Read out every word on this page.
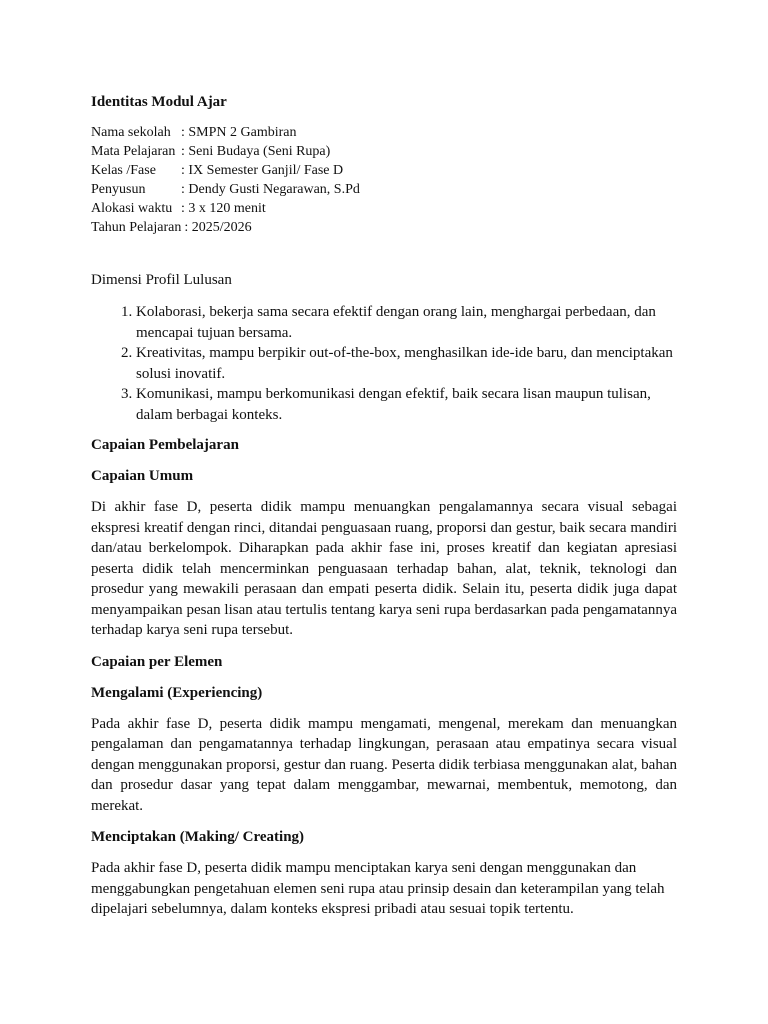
Identitas Modul Ajar
Nama sekolah : SMPN 2 Gambiran
Mata Pelajaran : Seni Budaya (Seni Rupa)
Kelas /Fase	: IX Semester Ganjil/ Fase D
Penyusun	: Dendy Gusti Negarawan, S.Pd
Alokasi waktu : 3 x 120 menit
Tahun Pelajaran : 2025/2026
Dimensi Profil Lulusan
1. Kolaborasi, bekerja sama secara efektif dengan orang lain, menghargai perbedaan, dan mencapai tujuan bersama.
2. Kreativitas, mampu berpikir out-of-the-box, menghasilkan ide-ide baru, dan menciptakan solusi inovatif.
3. Komunikasi, mampu berkomunikasi dengan efektif, baik secara lisan maupun tulisan, dalam berbagai konteks.
Capaian Pembelajaran
Capaian Umum
Di akhir fase D, peserta didik mampu menuangkan pengalamannya secara visual sebagai ekspresi kreatif dengan rinci, ditandai penguasaan ruang, proporsi dan gestur, baik secara mandiri dan/atau berkelompok. Diharapkan pada akhir fase ini, proses kreatif dan kegiatan apresiasi peserta didik telah mencerminkan penguasaan terhadap bahan, alat, teknik, teknologi dan prosedur yang mewakili perasaan dan empati peserta didik. Selain itu, peserta didik juga dapat menyampaikan pesan lisan atau tertulis tentang karya seni rupa berdasarkan pada pengamatannya terhadap karya seni rupa tersebut.
Capaian per Elemen
Mengalami (Experiencing)
Pada akhir fase D, peserta didik mampu mengamati, mengenal, merekam dan menuangkan pengalaman dan pengamatannya terhadap lingkungan, perasaan atau empatinya secara visual dengan menggunakan proporsi, gestur dan ruang. Peserta didik terbiasa menggunakan alat, bahan dan prosedur dasar yang tepat dalam menggambar, mewarnai, membentuk, memotong, dan merekat.
Menciptakan (Making/ Creating)
Pada akhir fase D, peserta didik mampu menciptakan karya seni dengan menggunakan dan menggabungkan pengetahuan elemen seni rupa atau prinsip desain dan keterampilan yang telah dipelajari sebelumnya, dalam konteks ekspresi pribadi atau sesuai topik tertentu.
